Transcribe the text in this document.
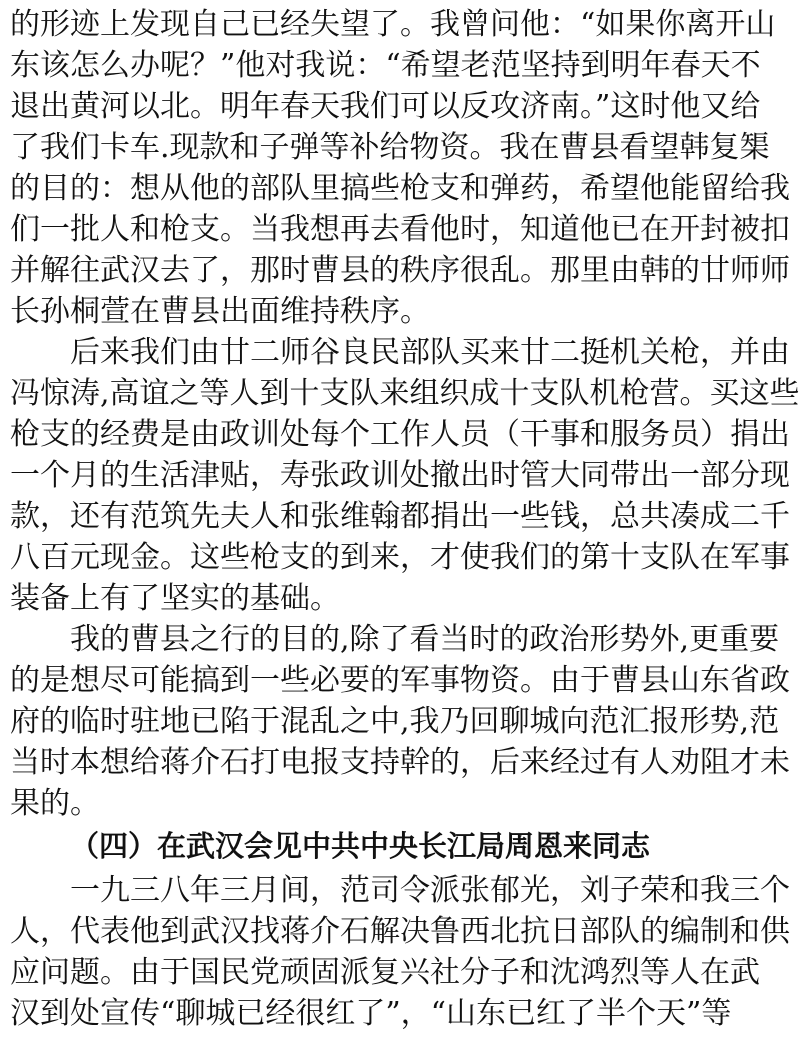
的形迹上发现自己已经失望了。我曾问他：“如果你离开山
东该怎么办呢？”他对我说：“希望老范坚持到明年春天不
退出黄河以北。明年春天我们可以反攻济南。”这时他又给
了我们卡车.现款和子弹等补给物资。我在曹县看望韩复榘
的目的：想从他的部队里搞些枪支和弹药，希望他能留给我
们一批人和枪支。当我想再去看他时，知道他已在开封被扣
并解往武汉去了，那时曹县的秩序很乱。那里由韩的廿师师
长孙桐萱在曹县出面维持秩序。
后来我们由廿二师谷良民部队买来廿二挺机关枪，并由
冯惊涛,高谊之等人到十支队来组织成十支队机枪营。买这些
枪支的经费是由政训处每个工作人员（干事和服务员）捐出
一个月的生活津贴，寿张政训处撤出时管大同带出一部分现
款，还有范筑先夫人和张维翰都捐出一些钱，总共凑成二千
八百元现金。这些枪支的到来，才使我们的第十支队在军事
装备上有了坚实的基础。
我的曹县之行的目的,除了看当时的政治形势外,更重要
的是想尽可能搞到一些必要的军事物资。由于曹县山东省政
府的临时驻地已陷于混乱之中,我乃回聊城向范汇报形势,范
当时本想给蒋介石打电报支持幹的，后来经过有人劝阻才未
果的。
（四）在武汉会见中共中央长江局周恩来同志
一九三八年三月间，范司令派张郁光，刘子荣和我三个
人，代表他到武汉找蒋介石解决鲁西北抗日部队的编制和供
应问题。由于国民党顽固派复兴社分子和沈鸿烈等人在武
汉到处宣传“聊城已经很红了”，“山东已红了半个天”等
